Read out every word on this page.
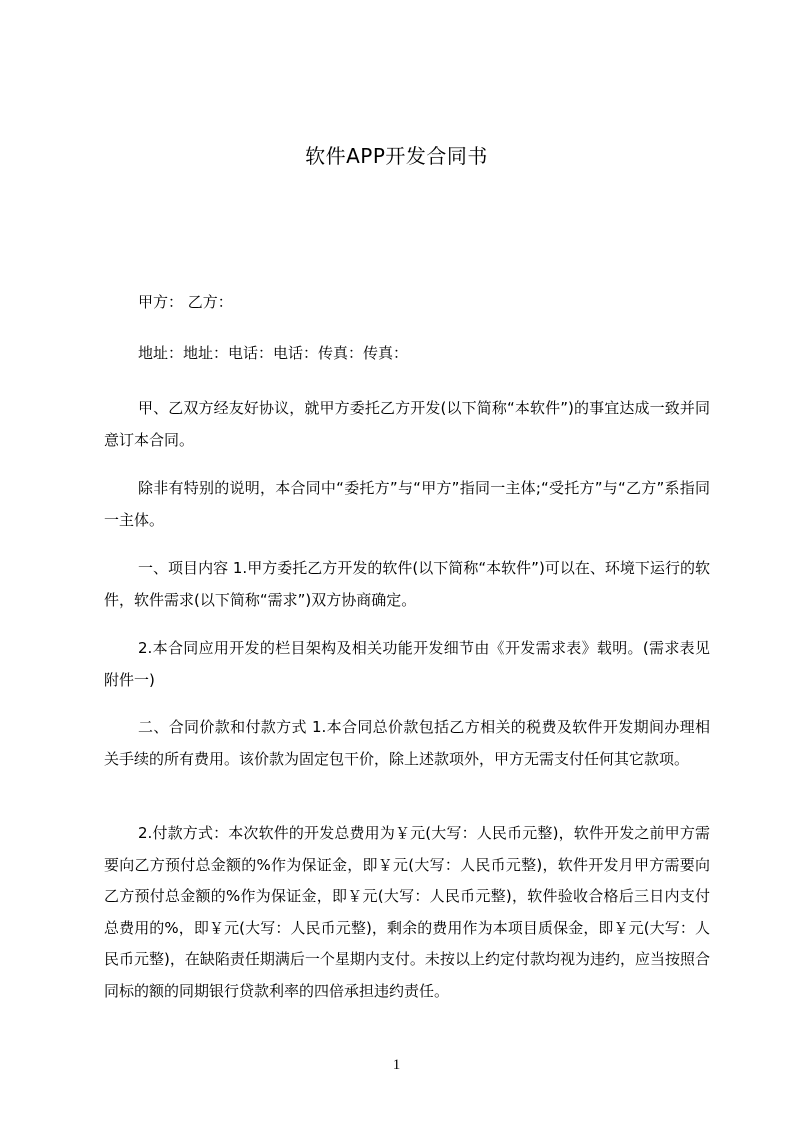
软件APP开发合同书

甲方： 乙方：

地址：地址：电话：电话：传真：传真：

甲、乙双方经友好协议，就甲方委托乙方开发(以下简称“本软件”)的事宜达成一致并同意订本合同。

除非有特别的说明，本合同中“委托方”与“甲方”指同一主体;“受托方”与“乙方”系指同一主体。

一、项目内容 1.甲方委托乙方开发的软件(以下简称“本软件”)可以在、环境下运行的软件，软件需求(以下简称“需求”)双方协商确定。

2.本合同应用开发的栏目架构及相关功能开发细节由《开发需求表》载明。(需求表见附件一)

二、合同价款和付款方式 1.本合同总价款包括乙方相关的税费及软件开发期间办理相关手续的所有费用。该价款为固定包干价，除上述款项外，甲方无需支付任何其它款项。

2.付款方式：本次软件的开发总费用为￥元(大写：人民币元整)，软件开发之前甲方需要向乙方预付总金额的%作为保证金，即￥元(大写：人民币元整)，软件开发月甲方需要向乙方预付总金额的%作为保证金，即￥元(大写：人民币元整)，软件验收合格后三日内支付总费用的%，即￥元(大写：人民币元整)，剩余的费用作为本项目质保金，即￥元(大写：人民币元整)，在缺陷责任期满后一个星期内支付。未按以上约定付款均视为违约，应当按照合同标的额的同期银行贷款利率的四倍承担违约责任。

1
